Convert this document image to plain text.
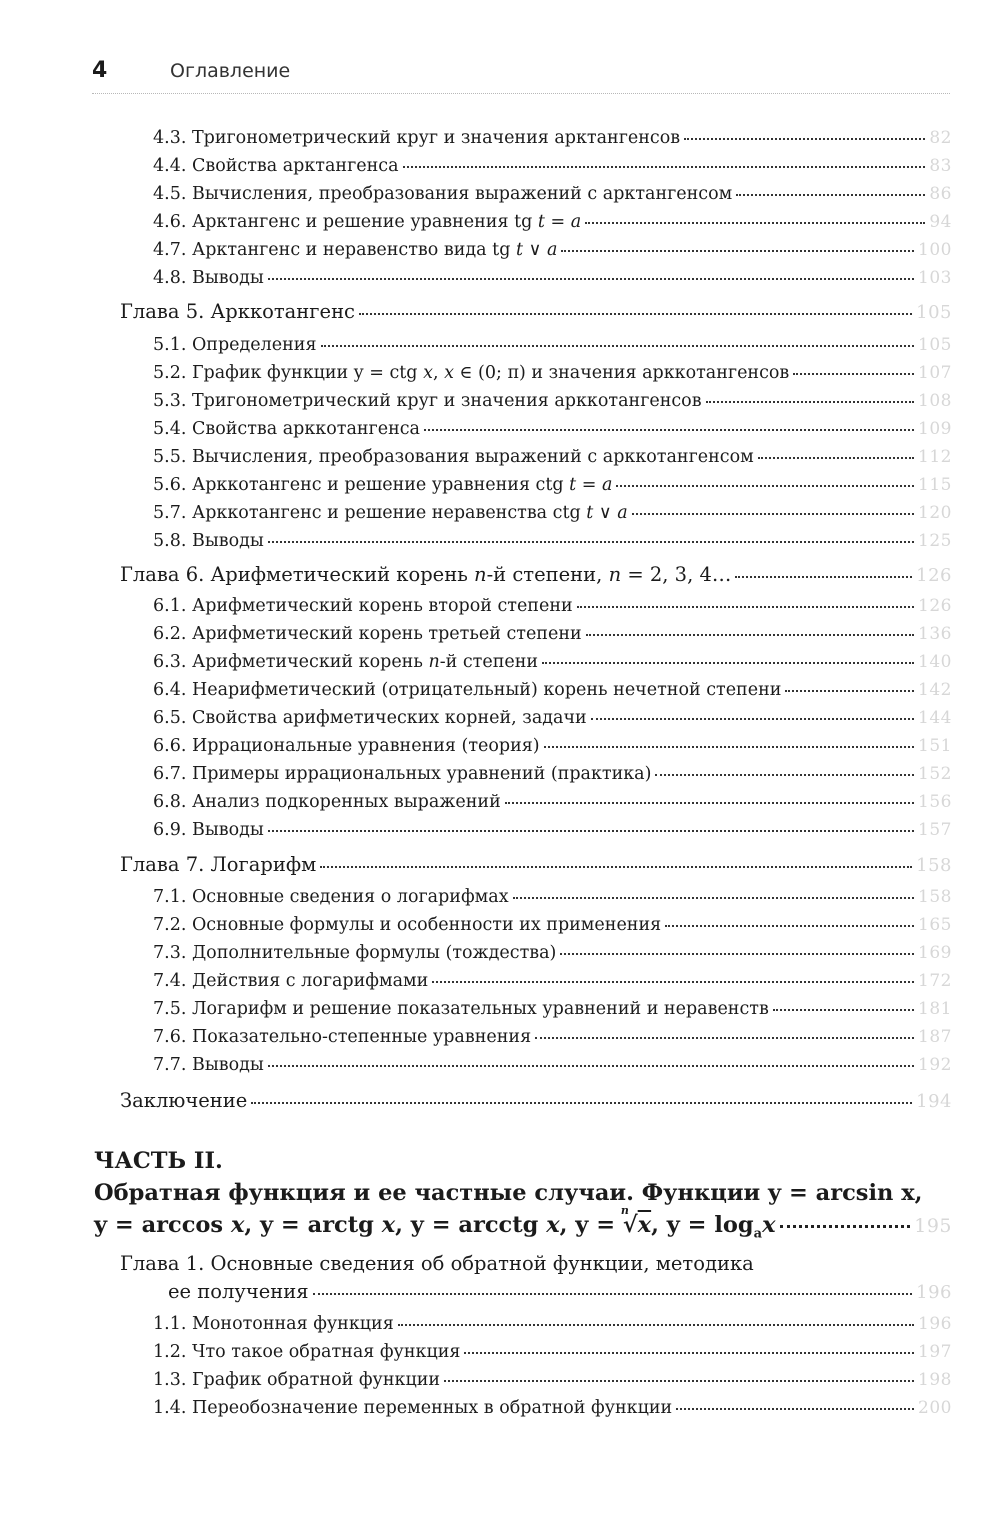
4	Оглавление
4.3. Тригонометрический круг и значения арктангенсов	82
4.4. Свойства арктангенса	83
4.5. Вычисления, преобразования выражений с арктангенсом	86
4.6. Арктангенс и решение уравнения tg t = a	94
4.7. Арктангенс и неравенство вида tg t ∨ a	100
4.8. Выводы	103
Глава 5. Арккотангенс	105
5.1. Определения	105
5.2. График функции y = ctg x, x ∈ (0; π) и значения арккотангенсов	107
5.3. Тригонометрический круг и значения арккотангенсов	108
5.4. Свойства арккотангенса	109
5.5. Вычисления, преобразования выражений с арккотангенсом	112
5.6. Арккотангенс и решение уравнения ctg t = a	115
5.7. Арккотангенс и решение неравенства ctg t ∨ a	120
5.8. Выводы	125
Глава 6. Арифметический корень n-й степени, n = 2, 3, 4…	126
6.1. Арифметический корень второй степени	126
6.2. Арифметический корень третьей степени	136
6.3. Арифметический корень n-й степени	140
6.4. Неарифметический (отрицательный) корень нечетной степени	142
6.5. Свойства арифметических корней, задачи	144
6.6. Иррациональные уравнения (теория)	151
6.7. Примеры иррациональных уравнений (практика)	152
6.8. Анализ подкоренных выражений	156
6.9. Выводы	157
Глава 7. Логарифм	158
7.1. Основные сведения о логарифмах	158
7.2. Основные формулы и особенности их применения	165
7.3. Дополнительные формулы (тождества)	169
7.4. Действия с логарифмами	172
7.5. Логарифм и решение показательных уравнений и неравенств	181
7.6. Показательно-степенные уравнения	187
7.7. Выводы	192
Заключение	194
ЧАСТЬ II.
Обратная функция и ее частные случаи. Функции y = arcsin x,
y = arccos x, y = arctg x, y = arcctg x, y =
n
√x, $y = \log_ax$	195
Глава 1. Основные сведения об обратной функции, методика
ее получения	196
1.1. Монотонная функция	196
1.2. Что такое обратная функция	197
1.3. График обратной функции	198
1.4. Переобозначение переменных в обратной функции	200
